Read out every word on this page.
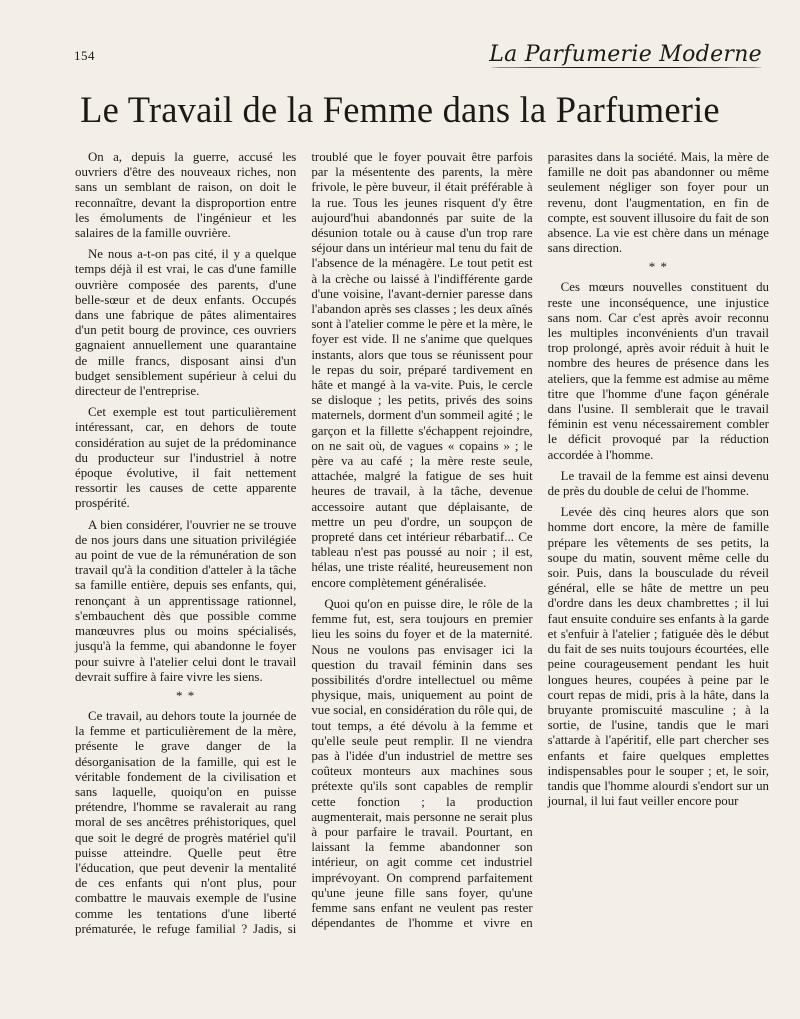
154	La Parfumerie Moderne
Le Travail de la Femme dans la Parfumerie

On a, depuis la guerre, accusé les ouvriers d'être des nouveaux riches, non sans un semblant de raison, on doit le reconnaître, devant la disproportion entre les émoluments de l'ingénieur et les salaires de la famille ouvrière.

Ne nous a-t-on pas cité, il y a quelque temps déjà il est vrai, le cas d'une famille ouvrière composée des parents, d'une belle-sœur et de deux enfants. Occupés dans une fabrique de pâtes alimentaires d'un petit bourg de province, ces ouvriers gagnaient annuellement une quarantaine de mille francs, disposant ainsi d'un budget sensiblement supérieur à celui du directeur de l'entreprise.

Cet exemple est tout particulièrement intéressant, car, en dehors de toute considération au sujet de la prédominance du producteur sur l'industriel à notre époque évolutive, il fait nettement ressortir les causes de cette apparente prospérité.

A bien considérer, l'ouvrier ne se trouve de nos jours dans une situation privilégiée au point de vue de la rémunération de son travail qu'à la condition d'atteler à la tâche sa famille entière, depuis ses enfants, qui, renonçant à un apprentissage rationnel, s'embauchent dès que possible comme manœuvres plus ou moins spécialisés, jusqu'à la femme, qui abandonne le foyer pour suivre à l'atelier celui dont le travail devrait suffire à faire vivre les siens.

* *

Ce travail, au dehors toute la journée de la femme et particulièrement de la mère, présente le grave danger de la désorganisation de la famille, qui est le véritable fondement de la civilisation et sans laquelle, quoiqu'on en puisse prétendre, l'homme se ravalerait au rang moral de ses ancêtres préhistoriques, quel que soit le degré de progrès matériel qu'il puisse atteindre. Quelle peut être l'éducation, que peut devenir la mentalité de ces enfants qui n'ont plus, pour combattre le mauvais exemple de l'usine comme les tentations d'une liberté prématurée, le refuge familial ? Jadis, si troublé que le foyer pouvait être parfois par la mésentente des parents, la mère frivole, le père buveur, il était préférable à la rue. Tous les jeunes risquent d'y être aujourd'hui abandonnés par suite de la désunion totale ou à cause d'un trop rare séjour dans un intérieur mal tenu du fait de l'absence de la ménagère. Le tout petit est à la crèche ou laissé à l'indifférente garde d'une voisine, l'avant-dernier paresse dans l'abandon après ses classes ; les deux aînés sont à l'atelier comme le père et la mère, le foyer est vide. Il ne s'anime que quelques instants, alors que tous se réunissent pour le repas du soir, préparé tardivement en hâte et mangé à la va-vite. Puis, le cercle se disloque ; les petits, privés des soins maternels, dorment d'un sommeil agité ; le garçon et la fillette s'échappent rejoindre, on ne sait où, de vagues « copains » ; le père va au café ; la mère reste seule, attachée, malgré la fatigue de ses huit heures de travail, à la tâche, devenue accessoire autant que déplaisante, de mettre un peu d'ordre, un soupçon de propreté dans cet intérieur rébarbatif... Ce tableau n'est pas poussé au noir ; il est, hélas, une triste réalité, heureusement non encore complètement généralisée.

Quoi qu'on en puisse dire, le rôle de la femme fut, est, sera toujours en premier lieu les soins du foyer et de la maternité. Nous ne voulons pas envisager ici la question du travail féminin dans ses possibilités d'ordre intellectuel ou même physique, mais, uniquement au point de vue social, en considération du rôle qui, de tout temps, a été dévolu à la femme et qu'elle seule peut remplir. Il ne viendra pas à l'idée d'un industriel de mettre ses coûteux monteurs aux machines sous prétexte qu'ils sont capables de remplir cette fonction ; la production augmenterait, mais personne ne serait plus à pour parfaire le travail. Pourtant, en laissant la femme abandonner son intérieur, on agit comme cet industriel imprévoyant. On comprend parfaitement qu'une jeune fille sans foyer, qu'une femme sans enfant ne veulent pas rester dépendantes de l'homme et vivre en parasites dans la société. Mais, la mère de famille ne doit pas abandonner ou même seulement négliger son foyer pour un revenu, dont l'augmentation, en fin de compte, est souvent illusoire du fait de son absence. La vie est chère dans un ménage sans direction.

* *

Ces mœurs nouvelles constituent du reste une inconséquence, une injustice sans nom. Car c'est après avoir reconnu les multiples inconvénients d'un travail trop prolongé, après avoir réduit à huit le nombre des heures de présence dans les ateliers, que la femme est admise au même titre que l'homme d'une façon générale dans l'usine. Il semblerait que le travail féminin est venu nécessairement combler le déficit provoqué par la réduction accordée à l'homme.

Le travail de la femme est ainsi devenu de près du double de celui de l'homme.

Levée dès cinq heures alors que son homme dort encore, la mère de famille prépare les vêtements de ses petits, la soupe du matin, souvent même celle du soir. Puis, dans la bousculade du réveil général, elle se hâte de mettre un peu d'ordre dans les deux chambrettes ; il lui faut ensuite conduire ses enfants à la garde et s'enfuir à l'atelier ; fatiguée dès le début du fait de ses nuits toujours écourtées, elle peine courageusement pendant les huit longues heures, coupées à peine par le court repas de midi, pris à la hâte, dans la bruyante promiscuité masculine ; à la sortie, de l'usine, tandis que le mari s'attarde à l'apéritif, elle part chercher ses enfants et faire quelques emplettes indispensables pour le souper ; et, le soir, tandis que l'homme alourdi s'endort sur un journal, il lui faut veiller encore pour
